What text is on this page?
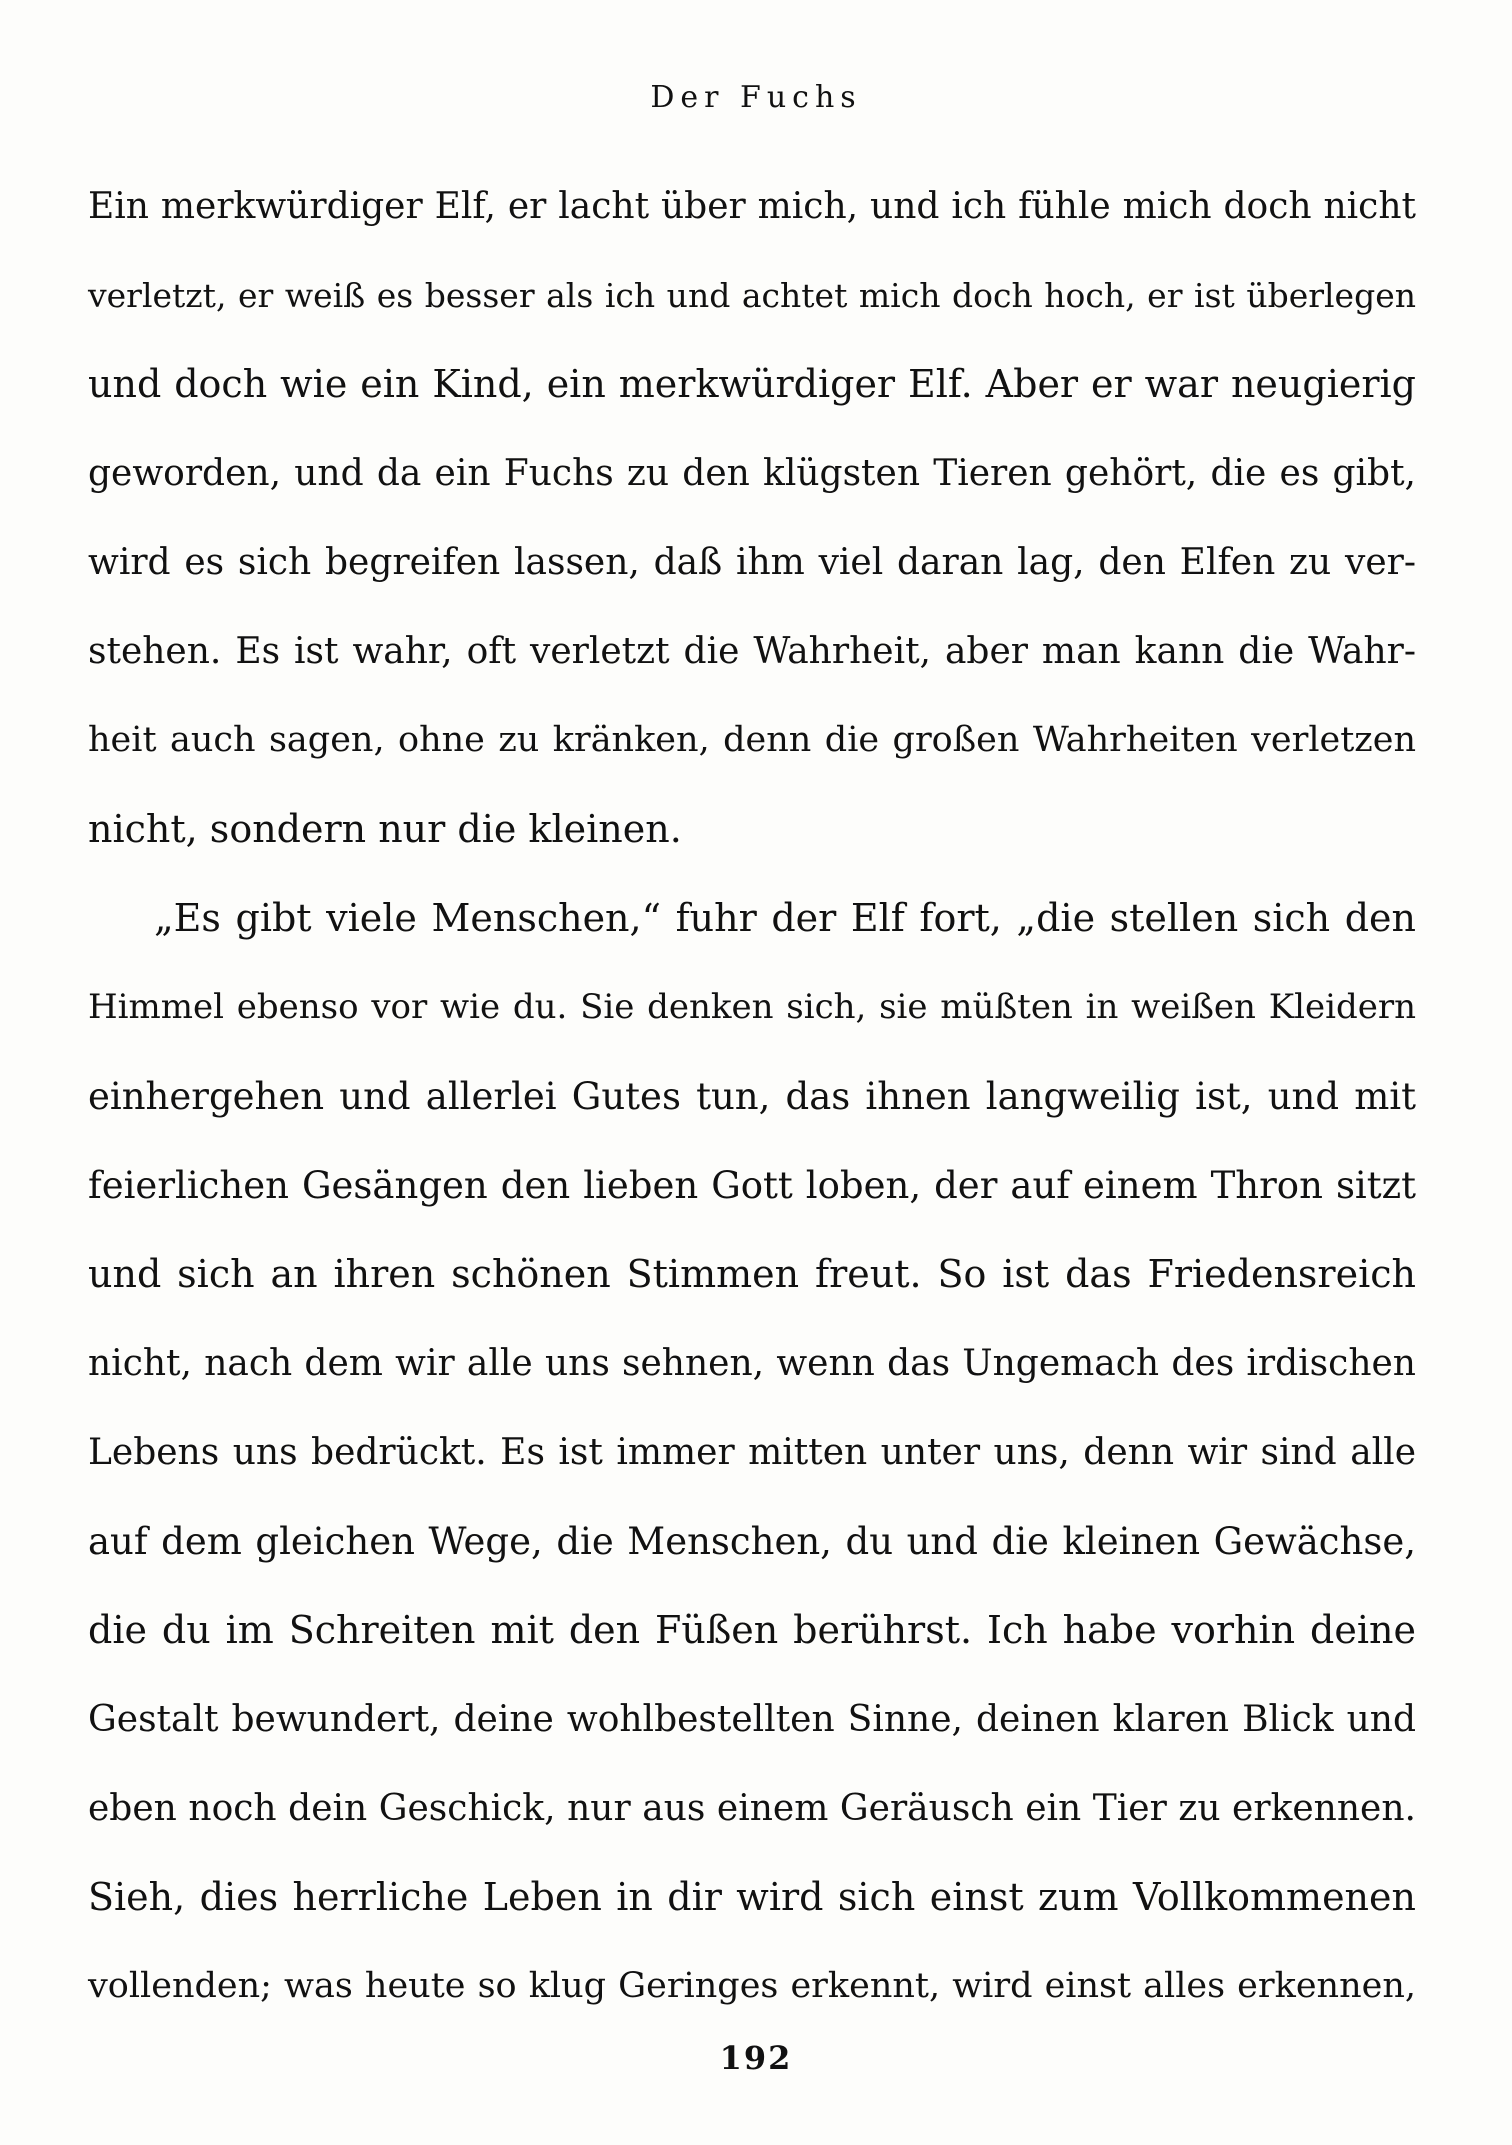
Der Fuchs
Ein merkwürdiger Elf, er lacht über mich, und ich fühle mich doch nicht
verletzt, er weiß es besser als ich und achtet mich doch hoch, er ist überlegen
und doch wie ein Kind, ein merkwürdiger Elf. Aber er war neugierig
geworden, und da ein Fuchs zu den klügsten Tieren gehört, die es gibt,
wird es sich begreifen lassen, daß ihm viel daran lag, den Elfen zu ver-
stehen. Es ist wahr, oft verletzt die Wahrheit, aber man kann die Wahr-
heit auch sagen, ohne zu kränken, denn die großen Wahrheiten verletzen
nicht, sondern nur die kleinen.
„Es gibt viele Menschen,“ fuhr der Elf fort, „die stellen sich den
Himmel ebenso vor wie du. Sie denken sich, sie müßten in weißen Kleidern
einhergehen und allerlei Gutes tun, das ihnen langweilig ist, und mit
feierlichen Gesängen den lieben Gott loben, der auf einem Thron sitzt
und sich an ihren schönen Stimmen freut. So ist das Friedensreich
nicht, nach dem wir alle uns sehnen, wenn das Ungemach des irdischen
Lebens uns bedrückt. Es ist immer mitten unter uns, denn wir sind alle
auf dem gleichen Wege, die Menschen, du und die kleinen Gewächse,
die du im Schreiten mit den Füßen berührst. Ich habe vorhin deine
Gestalt bewundert, deine wohlbestellten Sinne, deinen klaren Blick und
eben noch dein Geschick, nur aus einem Geräusch ein Tier zu erkennen.
Sieh, dies herrliche Leben in dir wird sich einst zum Vollkommenen
vollenden; was heute so klug Geringes erkennt, wird einst alles erkennen,
192
